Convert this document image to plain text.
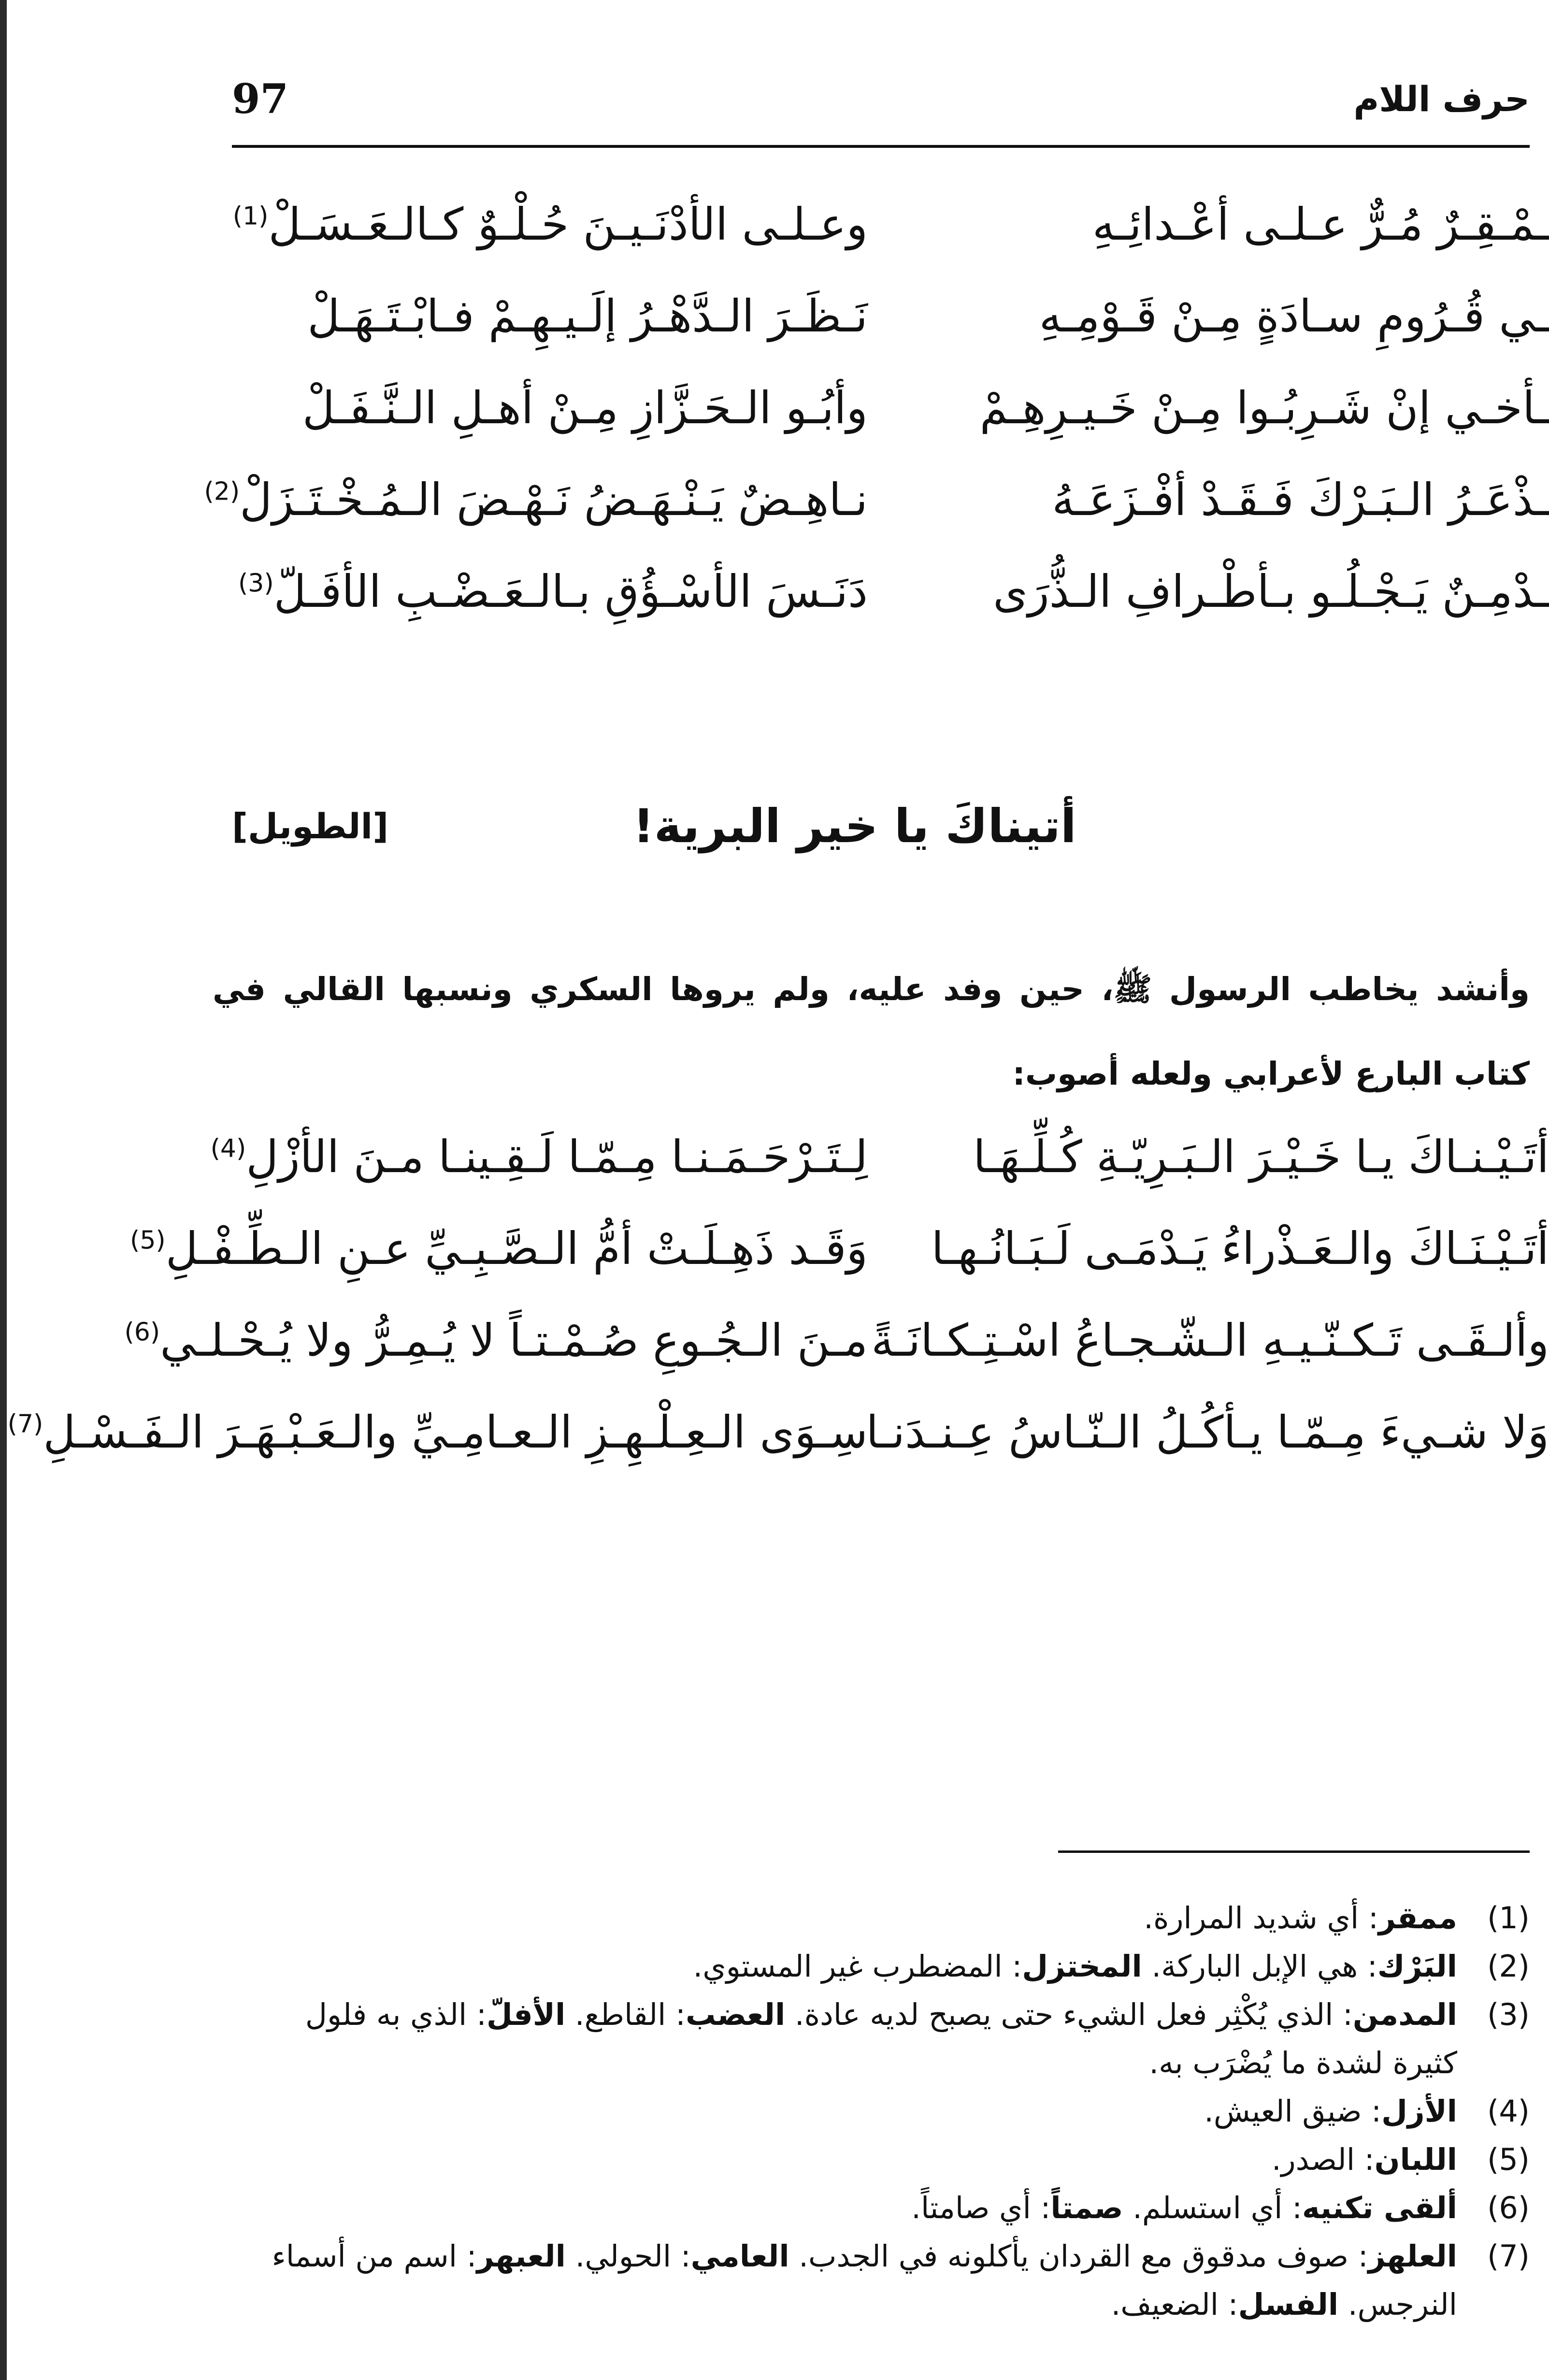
97	حرف اللام
ـمْـقِـرٌ مُـرٌّ عـلـى أعْـدائِـهِ
وعـلـى الأدْنَـيـنَ حُـلْـوٌ كـالـعَـسَـلْ$^{(1)}$
ـي قُـرُومِ سـادَةٍ مِـنْ قَـوْمِـهِ
نَـظَـرَ الـدَّهْـرُ إلَـيـهِـمْ فـابْـتَـهَـلْ
ـأخـي إنْ شَـرِبُـوا مِـنْ خَـيـرِهِـمْ
وأبُـو الـحَـزَّازِ مِـنْ أهـلِ الـنَّـفَـلْ
ـذْعَـرُ الـبَـرْكَ فَـقَـدْ أفْـزَعَـهُ
نـاهِـضٌ يَـنْـهَـضُ نَـهْـضَ الـمُـخْـتَـزَلْ$^{(2)}$
ـدْمِـنٌ يَـجْـلُـو بـأطْـرافِ الـذُّرَى
دَنَـسَ الأسْـؤُقِ بـالـعَـضْـبِ الأفَـلّ$^{(3)}$
[الطويل]	أتيناكَ يا خير البرية!
وأنشد يخاطب الرسول ﷺ، حين وفد عليه، ولم يروها السكري ونسبها القالي في كتاب البارع لأعرابي ولعله أصوب:
أتَـيْـنـاكَ يـا خَـيْـرَ الـبَـرِيّـةِ كُـلِّـهَـا
لِـتَـرْحَـمَـنـا مِـمّـا لَـقِـينـا مـنَ الأزْلِ$^{(4)}$
أتَـيْـنَـاكَ والـعَـذْراءُ يَـدْمَـى لَـبَـانُـهـا
وَقَـد ذَهِـلَـتْ أمُّ الـصَّـبِـيِّ عـنِ الـطِّـفْـلِ$^{(5)}$
وألـقَـى تَـكـنّـيـهِ الـشّـجـاعُ اسْـتِـكـانَـةً
مـنَ الـجُـوعِ صُـمْـتـاً لا يُـمِـرُّ ولا يُـحْـلـي$^{(6)}$
وَلا شـيءَ مِـمّـا يـأكُـلُ الـنّـاسُ عِـنـدَنـا
سِـوَى الـعِـلْـهِـزِ الـعـامِـيِّ والـعَـبْـهَـرَ الـفَـسْـلِ$^{(7)}$
(1)
ممقر: أي شديد المرارة.
(2)
البَرْك: هي الإبل الباركة. المختزل: المضطرب غير المستوي.
(3)
المدمن: الذي يُكْثِر فعل الشيء حتى يصبح لديه عادة. العضب: القاطع. الأفلّ: الذي به فلول كثيرة لشدة ما يُضْرَب به.
(4)
الأزل: ضيق العيش.
(5)
اللبان: الصدر.
(6)
ألقى تكنيه: أي استسلم. صمتاً: أي صامتاً.
(7)
العلهز: صوف مدقوق مع القردان يأكلونه في الجدب. العامي: الحولي. العبهر: اسم من أسماء النرجس. الفسل: الضعيف.
